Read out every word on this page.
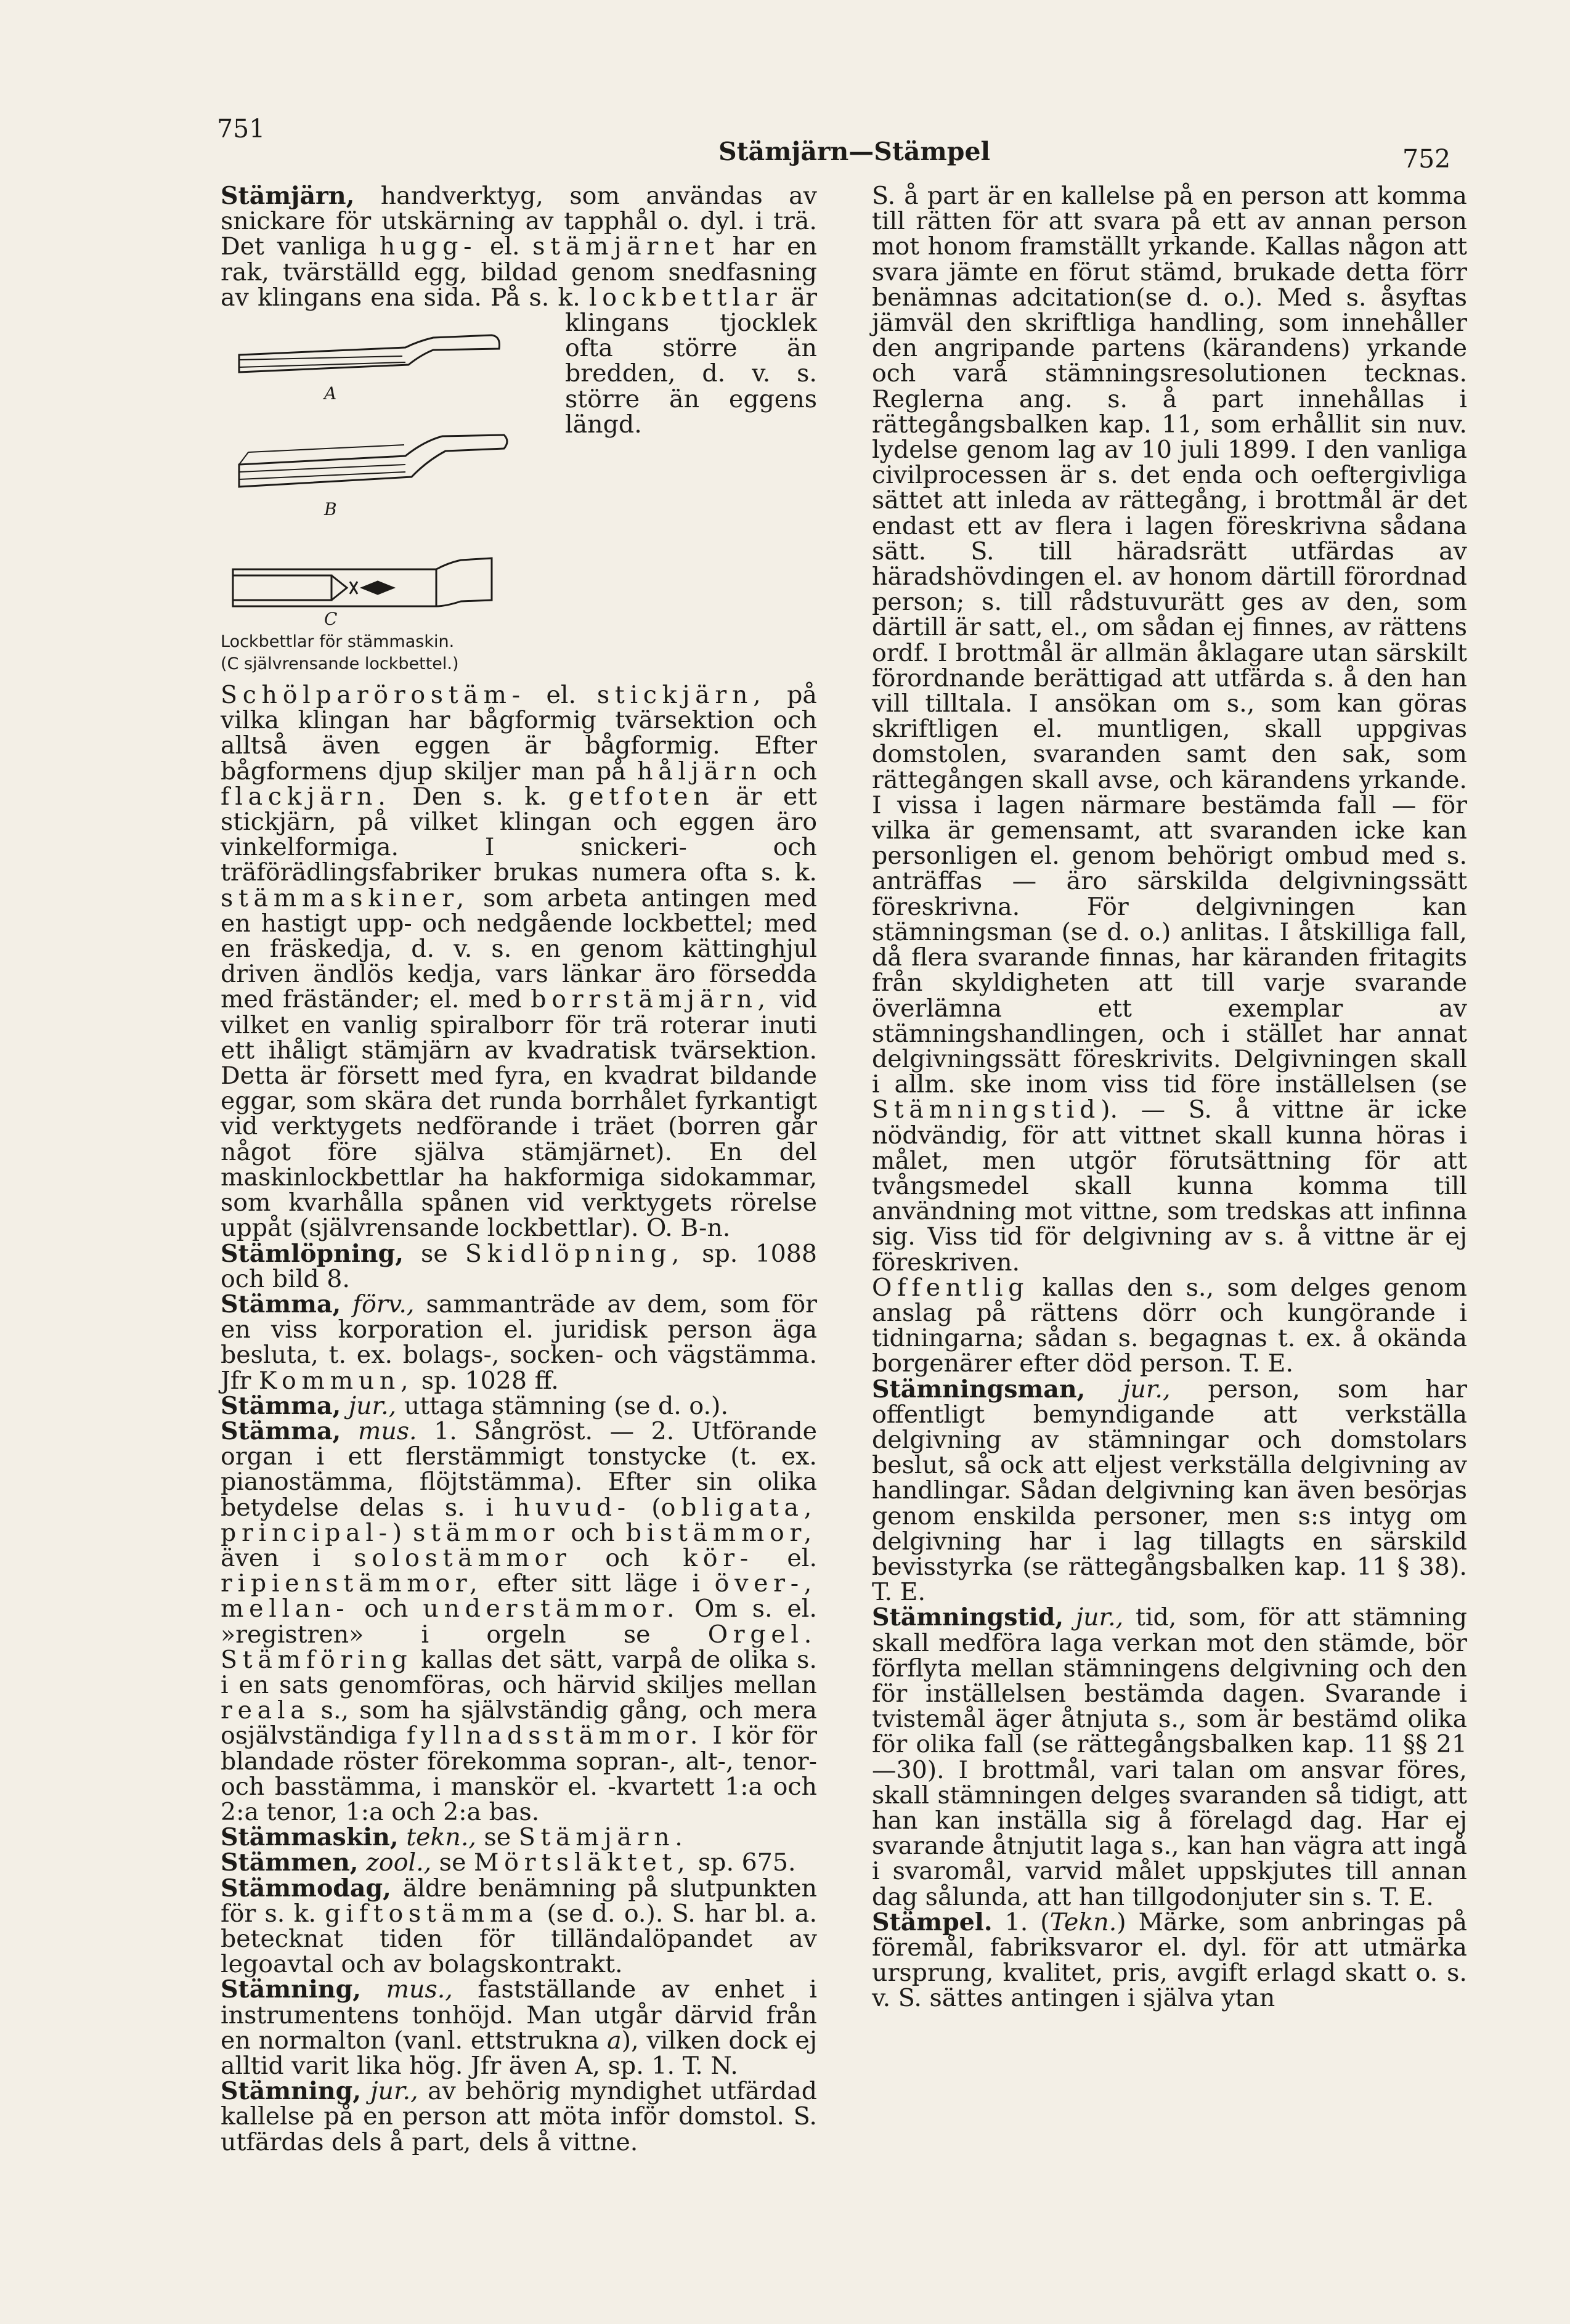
751
Stämjärn—Stämpel	752

Stämjärn, handverktyg, som användas av snickare för utskärning av tapphål o. dyl. i trä. Det vanliga hugg- el. stämjärnet har en rak, tvärställd egg, bildad genom snedfasning av klingans ena sida. På s. k.
A
B
C
Lockbettlar för stämmaskin.
(C självrensande lockbettel.)
lockbettlar är klingans tjocklek ofta större än bredden, d. v. s. större än eggens längd. Schölparörostäm- el. stickjärn, på vilka klingan har bågformig tvärsektion och alltså även eggen är bågformig. Efter bågformens djup skiljer man på håljärn och flackjärn. Den s. k. getfoten är ett stickjärn, på vilket klingan och eggen äro vinkelformiga. I snickeri- och träförädlingsfabriker brukas numera ofta s. k. stämmaskiner, som arbeta antingen med en hastigt upp- och nedgående lockbettel; med en fräskedja, d. v. s. en genom kättinghjul driven ändlös kedja, vars länkar äro försedda med fräständer; el. med borrstämjärn, vid vilket en vanlig spiralborr för trä roterar inuti ett ihåligt stämjärn av kvadratisk tvärsektion. Detta är försett med fyra, en kvadrat bildande eggar, som skära det runda borrhålet fyrkantigt vid verktygets nedförande i träet (borren går något före själva stämjärnet). En del maskinlockbettlar ha hakformiga sidokammar, som kvarhålla spånen vid verktygets rörelse uppåt (självrensande lockbettlar). O. B-n.

Stämlöpning, se Skidlöpning, sp. 1088 och bild 8.

Stämma, förv., sammanträde av dem, som för en viss korporation el. juridisk person äga besluta, t. ex. bolags-, socken- och vägstämma. Jfr Kommun, sp. 1028 ff.

Stämma, jur., uttaga stämning (se d. o.).

Stämma, mus. 1. Sångröst. — 2. Utförande organ i ett flerstämmigt tonstycke (t. ex. pianostämma, flöjtstämma). Efter sin olika betydelse delas s. i huvud- (obligata, principal-) stämmor och bistämmor, även i solostämmor och kör- el. ripienstämmor, efter sitt läge i över-, mellan- och understämmor. Om s. el. »registren» i orgeln se Orgel. Stämföring kallas det sätt, varpå de olika s. i en sats genomföras, och härvid skiljes mellan reala s., som ha självständig gång, och mera osjälvständiga fyllnadsstämmor. I kör för blandade röster förekomma sopran-, alt-, tenor- och basstämma, i manskör el. -kvartett 1:a och 2:a tenor, 1:a och 2:a bas.

Stämmaskin, tekn., se Stämjärn.

Stämmen, zool., se Mörtsläktet, sp. 675.

Stämmodag, äldre benämning på slutpunkten för s. k. giftostämma (se d. o.). S. har bl. a. betecknat tiden för tilländalöpandet av legoavtal och av bolagskontrakt.

Stämning, mus., fastställande av enhet i instrumentens tonhöjd. Man utgår därvid från en normalton (vanl. ettstrukna a), vilken dock ej alltid varit lika hög. Jfr även A, sp. 1. T. N.

Stämning, jur., av behörig myndighet utfärdad kallelse på en person att möta inför domstol. S. utfärdas dels å part, dels å vittne.

S. å part är en kallelse på en person att komma till rätten för att svara på ett av annan person mot honom framställt yrkande. Kallas någon att svara jämte en förut stämd, brukade detta förr benämnas adcitation(se d. o.). Med s. åsyftas jämväl den skriftliga handling, som innehåller den angripande partens (kärandens) yrkande och varå stämningsresolutionen tecknas. Reglerna ang. s. å part innehållas i rättegångsbalken kap. 11, som erhållit sin nuv. lydelse genom lag av 10 juli 1899. I den vanliga civilprocessen är s. det enda och oeftergivliga sättet att inleda av rättegång, i brottmål är det endast ett av flera i lagen föreskrivna sådana sätt. S. till häradsrätt utfärdas av häradshövdingen el. av honom därtill förordnad person; s. till rådstuvurätt ges av den, som därtill är satt, el., om sådan ej finnes, av rättens ordf. I brottmål är allmän åklagare utan särskilt förordnande berättigad att utfärda s. å den han vill tilltala. I ansökan om s., som kan göras skriftligen el. muntligen, skall uppgivas domstolen, svaranden samt den sak, som rättegången skall avse, och kärandens yrkande. I vissa i lagen närmare bestämda fall — för vilka är gemensamt, att svaranden icke kan personligen el. genom behörigt ombud med s. anträffas — äro särskilda delgivningssätt föreskrivna. För delgivningen kan stämningsman (se d. o.) anlitas. I åtskilliga fall, då flera svarande finnas, har käranden fritagits från skyldigheten att till varje svarande överlämna ett exemplar av stämningshandlingen, och i stället har annat delgivningssätt föreskrivits. Delgivningen skall i allm. ske inom viss tid före inställelsen (se Stämningstid). — S. å vittne är icke nödvändig, för att vittnet skall kunna höras i målet, men utgör förutsättning för att tvångsmedel skall kunna komma till användning mot vittne, som tredskas att infinna sig. Viss tid för delgivning av s. å vittne är ej föreskriven.

Offentlig kallas den s., som delges genom anslag på rättens dörr och kungörande i tidningarna; sådan s. begagnas t. ex. å okända borgenärer efter död person. T. E.

Stämningsman, jur., person, som har offentligt bemyndigande att verkställa delgivning av stämningar och domstolars beslut, så ock att eljest verkställa delgivning av handlingar. Sådan delgivning kan även besörjas genom enskilda personer, men s:s intyg om delgivning har i lag tillagts en särskild bevisstyrka (se rättegångsbalken kap. 11 § 38). T. E.

Stämningstid, jur., tid, som, för att stämning skall medföra laga verkan mot den stämde, bör förflyta mellan stämningens delgivning och den för inställelsen bestämda dagen. Svarande i tvistemål äger åtnjuta s., som är bestämd olika för olika fall (se rättegångsbalken kap. 11 §§ 21—30). I brottmål, vari talan om ansvar föres, skall stämningen delges svaranden så tidigt, att han kan inställa sig å förelagd dag. Har ej svarande åtnjutit laga s., kan han vägra att ingå i svaromål, varvid målet uppskjutes till annan dag sålunda, att han tillgodonjuter sin s. T. E.

Stämpel. 1. (Tekn.) Märke, som anbringas på föremål, fabriksvaror el. dyl. för att utmärka ursprung, kvalitet, pris, avgift erlagd skatt o. s. v. S. sättes antingen i själva ytan
